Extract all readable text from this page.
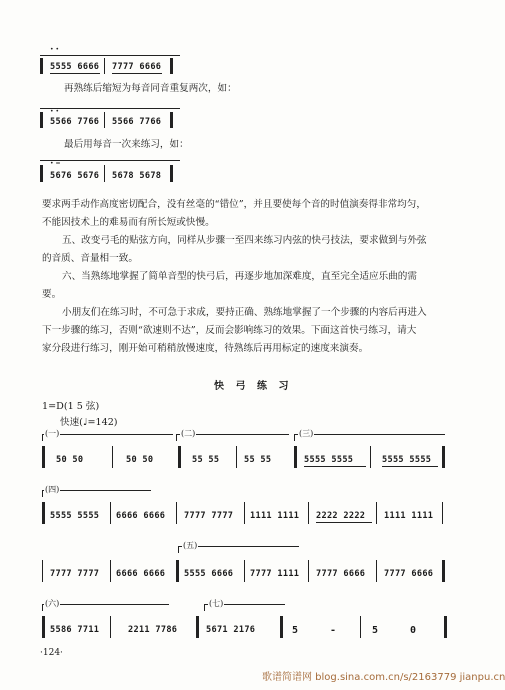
• •
5555 6666 7777 6666
再熟练后缩短为每音同音重复两次，如：
• •
5566 7766 5566 7766
最后用每音一次来练习，如：
• =
5676 5676 5678 5678
要求两手动作高度密切配合，没有丝毫的“错位”，并且要使每个音的时值演奏得非常均匀，
不能因技术上的难易而有所长短或快慢。
五、改变弓毛的贴弦方向，同样从步骤一至四来练习内弦的快弓技法，要求做到与外弦
的音质、音量相一致。
六、当熟练地掌握了简单音型的快弓后，再逐步地加深难度，直至完全适应乐曲的需
要。
小朋友们在练习时，不可急于求成，要持正确、熟练地掌握了一个步骤的内容后再进入
下一步骤的练习，否则“欲速则不达”，反而会影响练习的效果。下面这首快弓练习，请大
家分段进行练习，刚开始可稍稍放慢速度，待熟练后再用标定的速度来演奏。
快 弓 练 习
1=D(1 5 弦)
快速(♩=142)
(一)	(二)	(三)
50 50	50 50	55 55	55 55	5555 5555	5555 5555
(四)
5555 5555 6666 6666 7777 7777 1111 1111 2222 2222 1111 1111
(五)
7777 7777 6666 6666 5555 6666 7777 1111 7777 6666 7777 6666
(六)	(七)
5586 7711	2211 7786	5671 2176	5	-	5	0
·124·
歌谱简谱网 blog.sina.com.cn/s/2163779 jianpu.cn
